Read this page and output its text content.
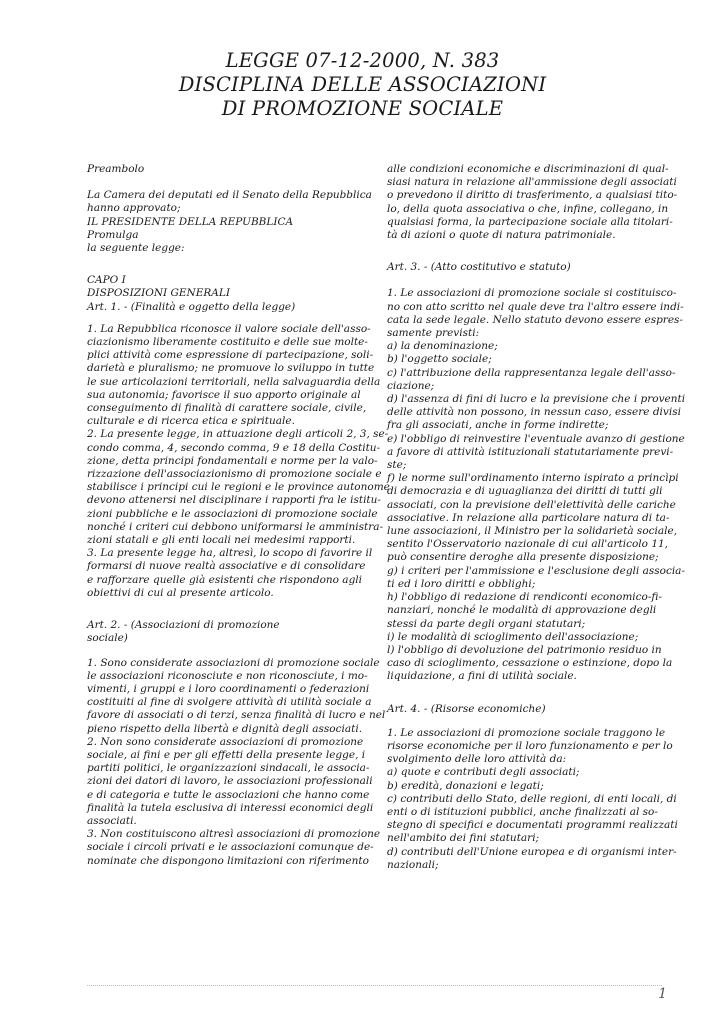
LEGGE 07-12-2000, N. 383
DISCIPLINA DELLE ASSOCIAZIONI
DI PROMOZIONE SOCIALE

Preambolo

La Camera dei deputati ed il Senato della Repubblica

hanno approvato;

IL PRESIDENTE DELLA REPUBBLICA

Promulga

la seguente legge:

CAPO I

DISPOSIZIONI GENERALI

Art. 1. - (Finalità e oggetto della legge)

1. La Repubblica riconosce il valore sociale dell'asso-

ciazionismo liberamente costituito e delle sue molte-

plici attività come espressione di partecipazione, soli-

darietà e pluralismo; ne promuove lo sviluppo in tutte

le sue articolazioni territoriali, nella salvaguardia della

sua autonomia; favorisce il suo apporto originale al

conseguimento di finalità di carattere sociale, civile,

culturale e di ricerca etica e spirituale.

2. La presente legge, in attuazione degli articoli 2, 3, se-

condo comma, 4, secondo comma, 9 e 18 della Costitu-

zione, detta principi fondamentali e norme per la valo-

rizzazione dell'associazionismo di promozione sociale e

stabilisce i principi cui le regioni e le province autonome

devono attenersi nel disciplinare i rapporti fra le istitu-

zioni pubbliche e le associazioni di promozione sociale

nonché i criteri cui debbono uniformarsi le amministra-

zioni statali e gli enti locali nei medesimi rapporti.

3. La presente legge ha, altresì, lo scopo di favorire il

formarsi di nuove realtà associative e di consolidare

e rafforzare quelle già esistenti che rispondono agli

obiettivi di cui al presente articolo.

Art. 2. - (Associazioni di promozione

sociale)

1. Sono considerate associazioni di promozione sociale

le associazioni riconosciute e non riconosciute, i mo-

vimenti, i gruppi e i loro coordinamenti o federazioni

costituiti al fine di svolgere attività di utilità sociale a

favore di associati o di terzi, senza finalità di lucro e nel

pieno rispetto della libertà e dignità degli associati.

2. Non sono considerate associazioni di promozione

sociale, ai fini e per gli effetti della presente legge, i

partiti politici, le organizzazioni sindacali, le associa-

zioni dei datori di lavoro, le associazioni professionali

e di categoria e tutte le associazioni che hanno come

finalità la tutela esclusiva di interessi economici degli

associati.

3. Non costituiscono altresì associazioni di promozione

sociale i circoli privati e le associazioni comunque de-

nominate che dispongono limitazioni con riferimento

alle condizioni economiche e discriminazioni di qual-

siasi natura in relazione all'ammissione degli associati

o prevedono il diritto di trasferimento, a qualsiasi tito-

lo, della quota associativa o che, infine, collegano, in

qualsiasi forma, la partecipazione sociale alla titolari-

tà di azioni o quote di natura patrimoniale.

Art. 3. - (Atto costitutivo e statuto)

1. Le associazioni di promozione sociale si costituisco-

no con atto scritto nel quale deve tra l'altro essere indi-

cata la sede legale. Nello statuto devono essere espres-

samente previsti:

a) la denominazione;

b) l'oggetto sociale;

c) l'attribuzione della rappresentanza legale dell'asso-

ciazione;

d) l'assenza di fini di lucro e la previsione che i proventi

delle attività non possono, in nessun caso, essere divisi

fra gli associati, anche in forme indirette;

e) l'obbligo di reinvestire l'eventuale avanzo di gestione

a favore di attività istituzionali statutariamente previ-

ste;

f) le norme sull'ordinamento interno ispirato a princìpi

di democrazia e di uguaglianza dei diritti di tutti gli

associati, con la previsione dell'elettività delle cariche

associative. In relazione alla particolare natura di ta-

lune associazioni, il Ministro per la solidarietà sociale,

sentito l'Osservatorio nazionale di cui all'articolo 11,

può consentire deroghe alla presente disposizione;

g) i criteri per l'ammissione e l'esclusione degli associa-

ti ed i loro diritti e obblighi;

h) l'obbligo di redazione di rendiconti economico-fi-

nanziari, nonché le modalità di approvazione degli

stessi da parte degli organi statutari;

i) le modalità di scioglimento dell'associazione;

l) l'obbligo di devoluzione del patrimonio residuo in

caso di scioglimento, cessazione o estinzione, dopo la

liquidazione, a fini di utilità sociale.

Art. 4. - (Risorse economiche)

1. Le associazioni di promozione sociale traggono le

risorse economiche per il loro funzionamento e per lo

svolgimento delle loro attività da:

a) quote e contributi degli associati;

b) eredità, donazioni e legati;

c) contributi dello Stato, delle regioni, di enti locali, di

enti o di istituzioni pubblici, anche finalizzati al so-

stegno di specifici e documentati programmi realizzati

nell'ambito dei fini statutari;

d) contributi dell'Unione europea e di organismi inter-

nazionali;

1
